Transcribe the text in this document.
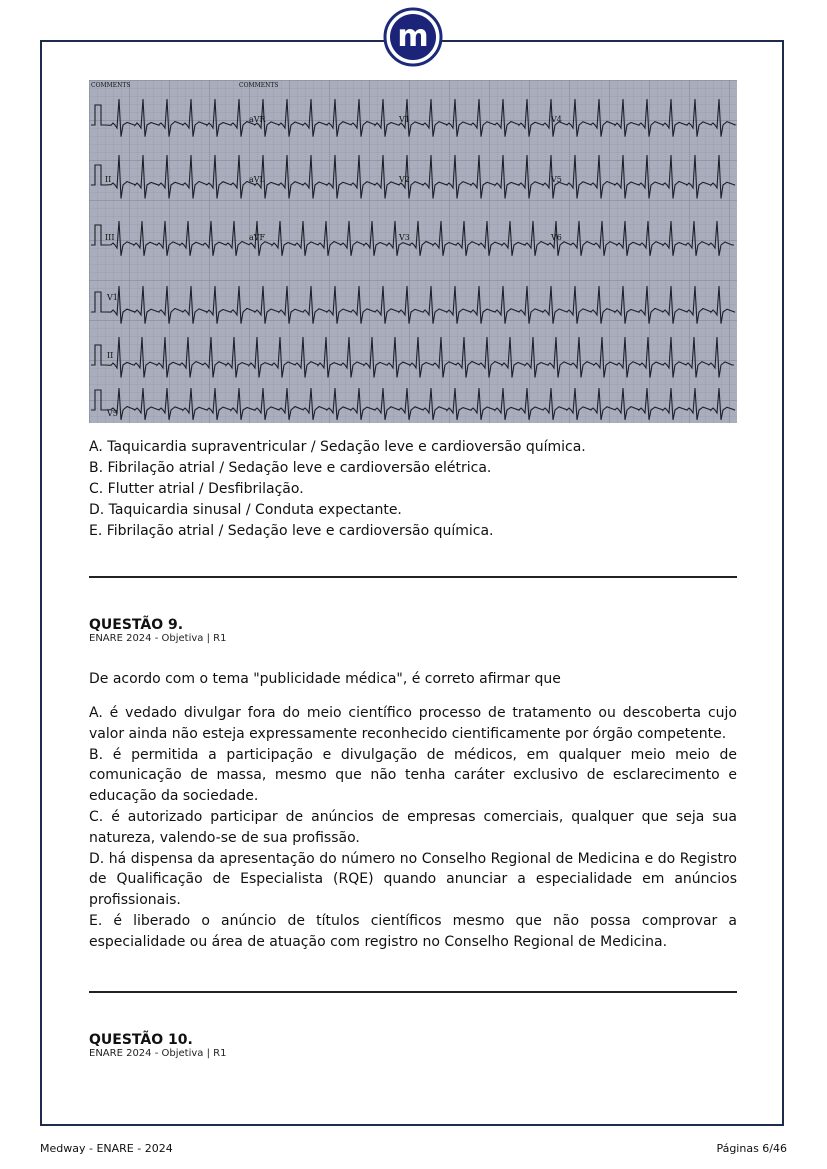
m
aVR	V1	V4
II	aVL	V2	V5
III	aVF	V3	V6
V1
II
V5
COMMENTS	COMMENTS

A. Taquicardia supraventricular / Sedação leve e cardioversão química.

B. Fibrilação atrial / Sedação leve e cardioversão elétrica.

C. Flutter atrial / Desfibrilação.

D. Taquicardia sinusal / Conduta expectante.

E. Fibrilação atrial / Sedação leve e cardioversão química.

QUESTÃO 9.

ENARE 2024 - Objetiva | R1

De acordo com o tema "publicidade médica", é correto afirmar que

A. é vedado divulgar fora do meio científico processo de tratamento ou descoberta cujo valor ainda não esteja expressamente reconhecido cientificamente por órgão competente.

B. é permitida a participação e divulgação de médicos, em qualquer meio meio de comunicação de massa, mesmo que não tenha caráter exclusivo de esclarecimento e educação da sociedade.

C. é autorizado participar de anúncios de empresas comerciais, qualquer que seja sua natureza, valendo-se de sua profissão.

D. há dispensa da apresentação do número no Conselho Regional de Medicina e do Registro de Qualificação de Especialista (RQE) quando anunciar a especialidade em anúncios profissionais.

E. é liberado o anúncio de títulos científicos mesmo que não possa comprovar a especialidade ou área de atuação com registro no Conselho Regional de Medicina.

QUESTÃO 10.

ENARE 2024 - Objetiva | R1

Medway - ENARE - 2024	Páginas 6/46
